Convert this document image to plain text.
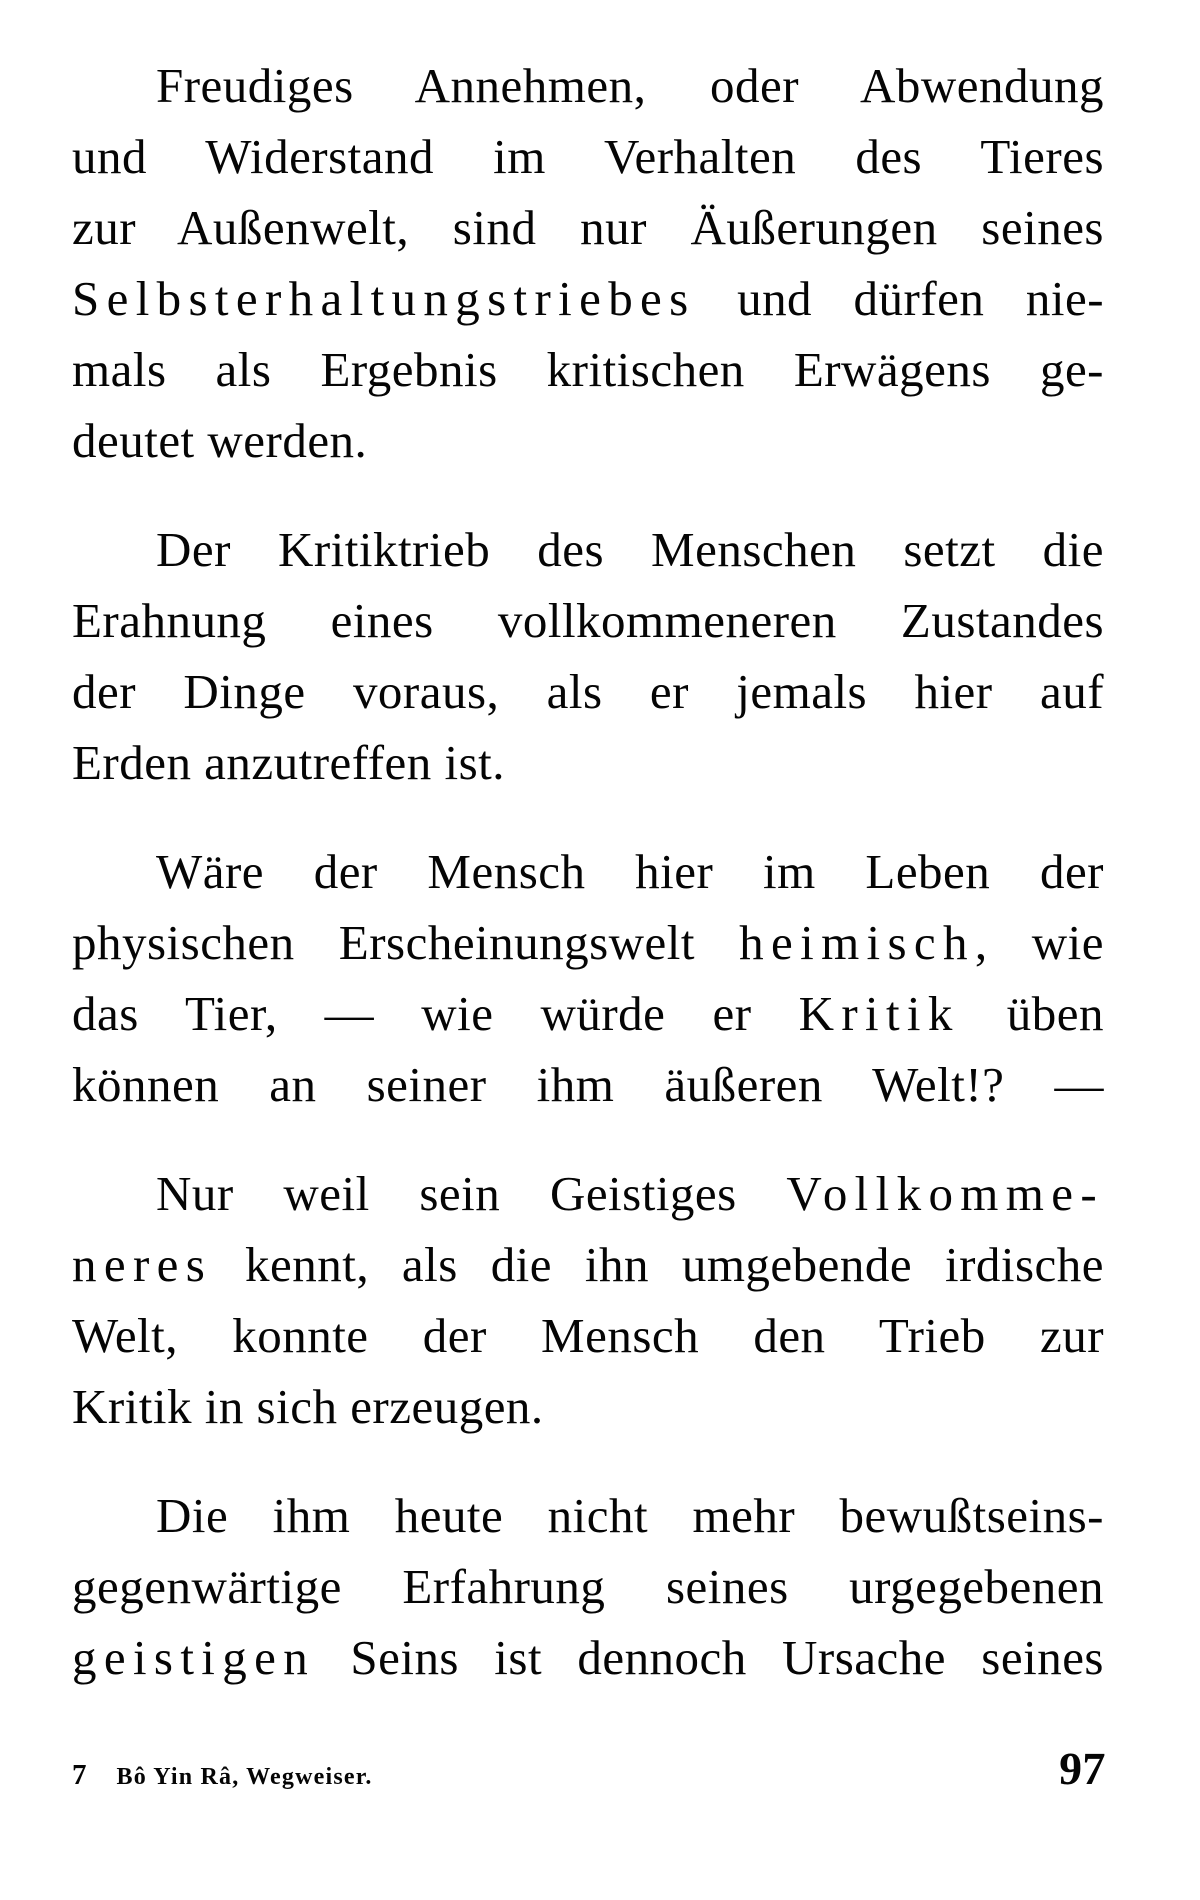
Freudiges Annehmen, oder Abwendung
und Widerstand im Verhalten des Tieres
zur Außenwelt, sind nur Äußerungen seines
Selbsterhaltungstriebes und dürfen nie-
mals als Ergebnis kritischen Erwägens ge-
deutet werden.
Der Kritiktrieb des Menschen setzt die
Erahnung eines vollkommeneren Zustandes
der Dinge voraus, als er jemals hier auf
Erden anzutreffen ist.
Wäre der Mensch hier im Leben der
physischen Erscheinungswelt heimisch, wie
das Tier, — wie würde er Kritik üben
können an seiner ihm äußeren Welt!? —
Nur weil sein Geistiges Vollkomme-
neres kennt, als die ihn umgebende irdische
Welt, konnte der Mensch den Trieb zur
Kritik in sich erzeugen.
Die ihm heute nicht mehr bewußtseins-
gegenwärtige Erfahrung seines urgegebenen
geistigen Seins ist dennoch Ursache seines
7 Bô Yin Râ, Wegweiser.	97
